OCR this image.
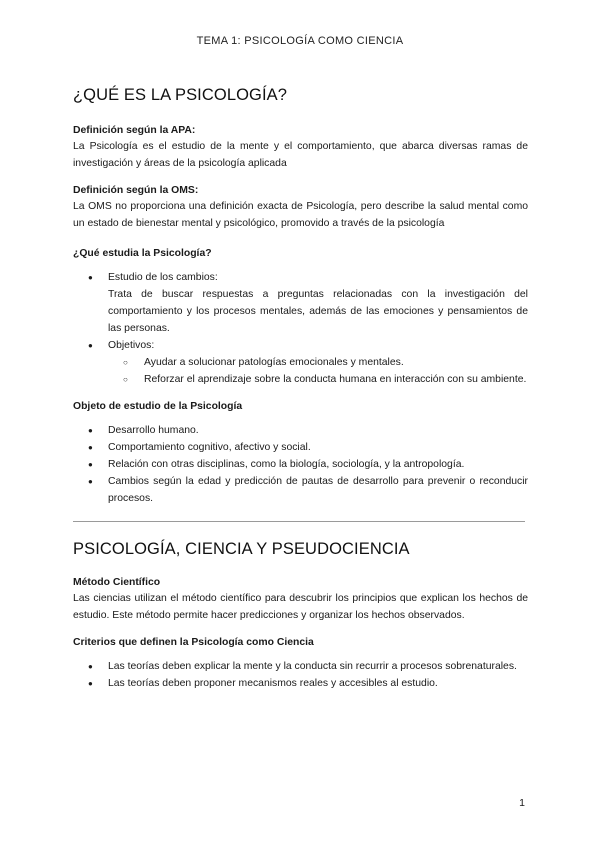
TEMA 1: PSICOLOGÍA COMO CIENCIA
¿QUÉ ES LA PSICOLOGÍA?
Definición según la APA:

La Psicología es el estudio de la mente y el comportamiento, que abarca diversas ramas de investigación y áreas de la psicología aplicada

Definición según la OMS:

La OMS no proporciona una definición exacta de Psicología, pero describe la salud mental como un estado de bienestar mental y psicológico, promovido a través de la psicología

¿Qué estudia la Psicología?
● Estudio de los cambios:
Trata de buscar respuestas a preguntas relacionadas con la investigación del comportamiento y los procesos mentales, además de las emociones y pensamientos de las personas.
● Objetivos:
○ Ayudar a solucionar patologías emocionales y mentales.
○ Reforzar el aprendizaje sobre la conducta humana en interacción con su ambiente.
Objeto de estudio de la Psicología
● Desarrollo humano.
● Comportamiento cognitivo, afectivo y social.
● Relación con otras disciplinas, como la biología, sociología, y la antropología.
● Cambios según la edad y predicción de pautas de desarrollo para prevenir o reconducir procesos.
PSICOLOGÍA, CIENCIA Y PSEUDOCIENCIA
Método Científico

Las ciencias utilizan el método científico para descubrir los principios que explican los hechos de estudio. Este método permite hacer predicciones y organizar los hechos observados.

Criterios que definen la Psicología como Ciencia
● Las teorías deben explicar la mente y la conducta sin recurrir a procesos sobrenaturales.
● Las teorías deben proponer mecanismos reales y accesibles al estudio.
1
